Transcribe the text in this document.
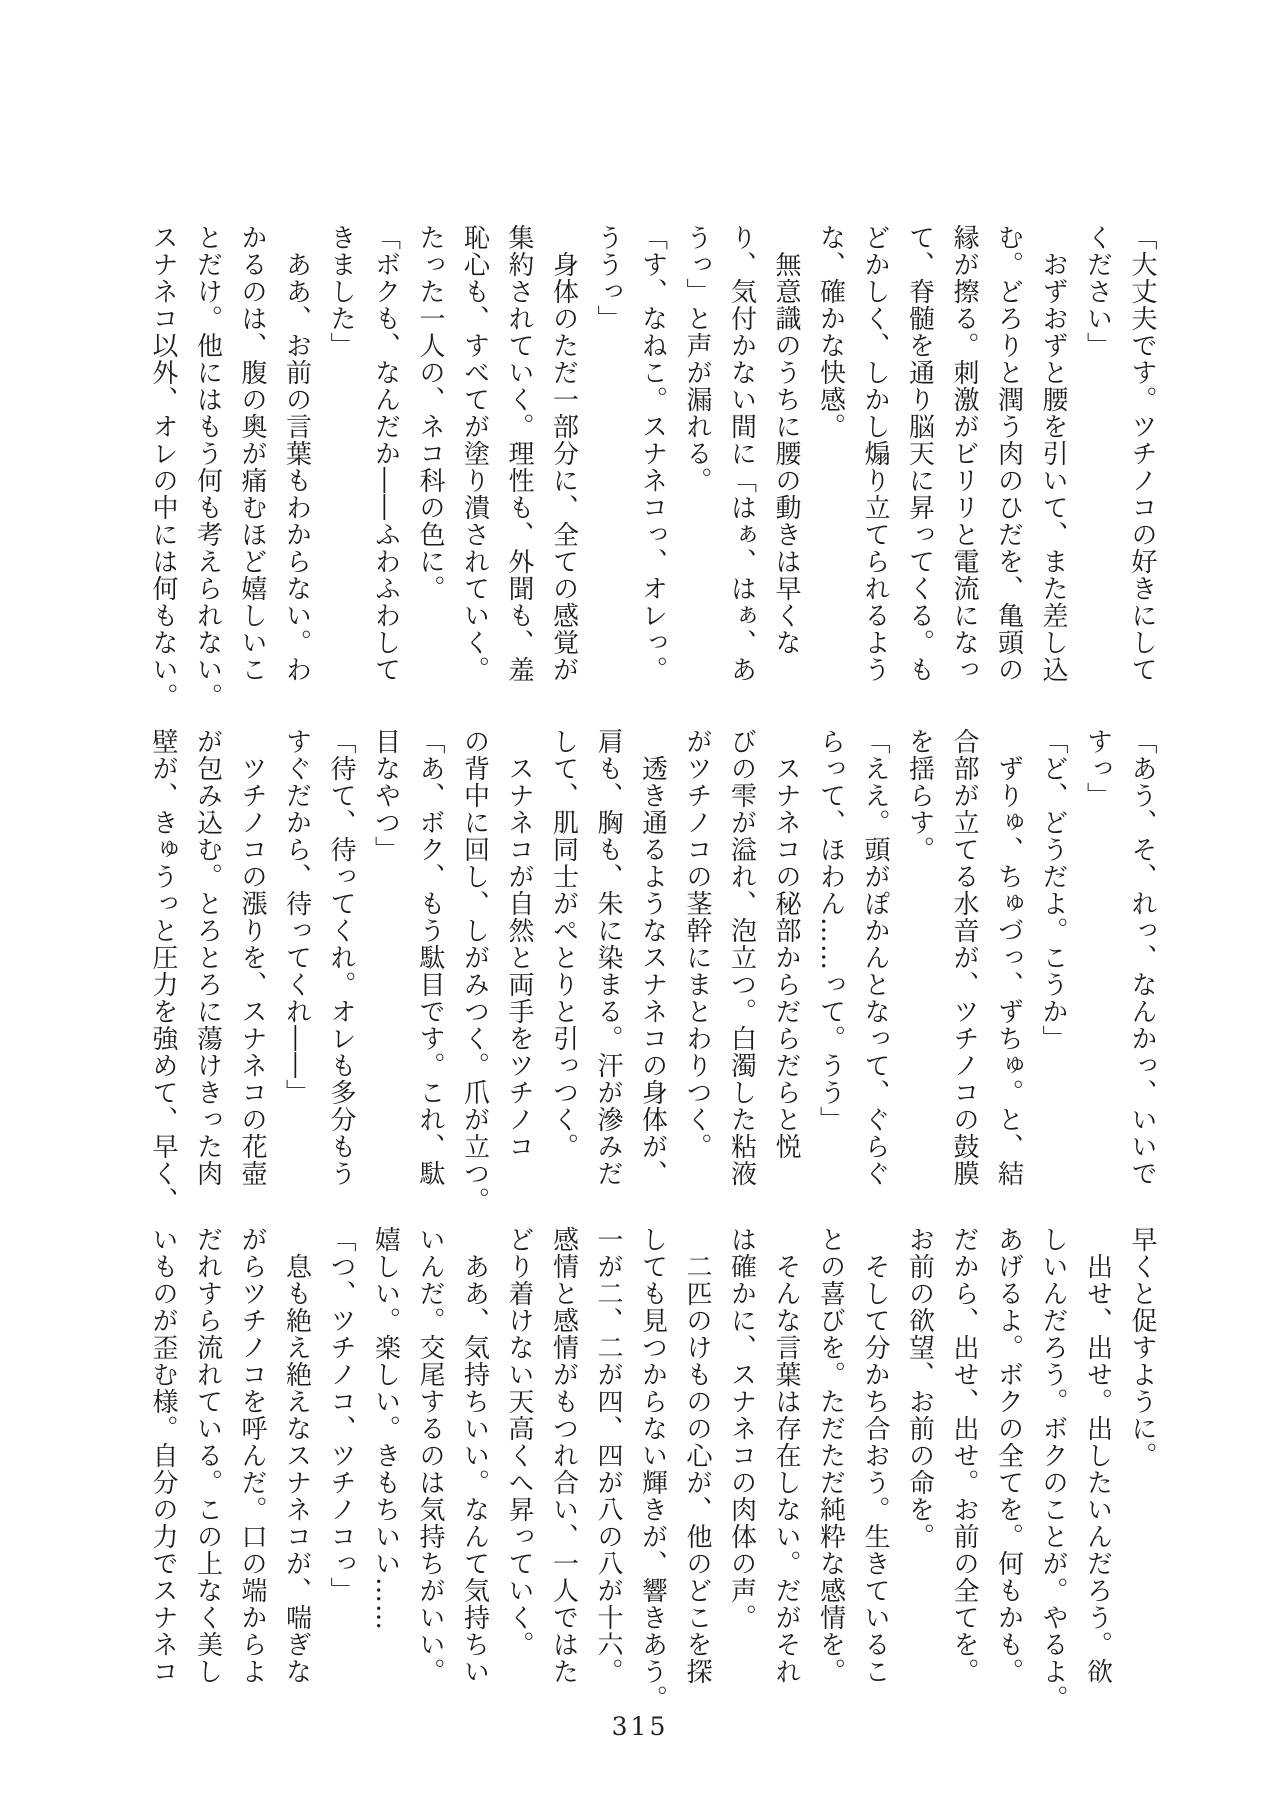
「大丈夫です。ツチノコの好きにして
ください」
　おずおずと腰を引いて、また差し込
む。どろりと潤う肉のひだを、亀頭の
縁が擦る。刺激がビリリと電流になっ
て、脊髄を通り脳天に昇ってくる。も
どかしく、しかし煽り立てられるよう
な、確かな快感。
　無意識のうちに腰の動きは早くな
り、気付かない間に「はぁ、はぁ、あ
うっ」と声が漏れる。
「す、なねこ。スナネコっ、オレっ。
ううっ」
　身体のただ一部分に、全ての感覚が
集約されていく。理性も、外聞も、羞
恥心も、すべてが塗り潰されていく。
たった一人の、ネコ科の色に。
「ボクも、なんだか――ふわふわして
きました」
　ああ、お前の言葉もわからない。わ
かるのは、腹の奥が痛むほど嬉しいこ
とだけ。他にはもう何も考えられない。
スナネコ以外、オレの中には何もない。
「あう、そ、れっ、なんかっ、いいで
すっ」
「ど、どうだよ。こうか」
　ずりゅ、ちゅづっ、ずちゅ。と、結
合部が立てる水音が、ツチノコの鼓膜
を揺らす。
「ええ。頭がぽかんとなって、ぐらぐ
らって、ほわん……って。うう」
　スナネコの秘部からだらだらと悦
びの雫が溢れ、泡立つ。白濁した粘液
がツチノコの茎幹にまとわりつく。
　透き通るようなスナネコの身体が、
肩も、胸も、朱に染まる。汗が滲みだ
して、肌同士がぺとりと引っつく。
　スナネコが自然と両手をツチノコ
の背中に回し、しがみつく。爪が立つ。
「あ、ボク、もう駄目です。これ、駄
目なやつ」
「待て、待ってくれ。オレも多分もう
すぐだから、待ってくれ――」
　ツチノコの漲りを、スナネコの花壺
が包み込む。とろとろに蕩けきった肉
壁が、きゅうっと圧力を強めて、早く、
早くと促すように。
　出せ、出せ。出したいんだろう。欲
しいんだろう。ボクのことが。やるよ。
あげるよ。ボクの全てを。何もかも。
だから、出せ、出せ。お前の全てを。
お前の欲望、お前の命を。
　そして分かち合おう。生きているこ
との喜びを。ただただ純粋な感情を。
　そんな言葉は存在しない。だがそれ
は確かに、スナネコの肉体の声。
　二匹のけものの心が、他のどこを探
しても見つからない輝きが、響きあう。
一が二、二が四、四が八の八が十六。
感情と感情がもつれ合い、一人ではた
どり着けない天高くへ昇っていく。
　ああ、気持ちいい。なんて気持ちい
いんだ。交尾するのは気持ちがいい。
嬉しい。楽しい。きもちいい……
「つ、ツチノコ、ツチノコっ」
　息も絶え絶えなスナネコが、喘ぎな
がらツチノコを呼んだ。口の端からよ
だれすら流れている。この上なく美し
いものが歪む様。自分の力でスナネコ
315
